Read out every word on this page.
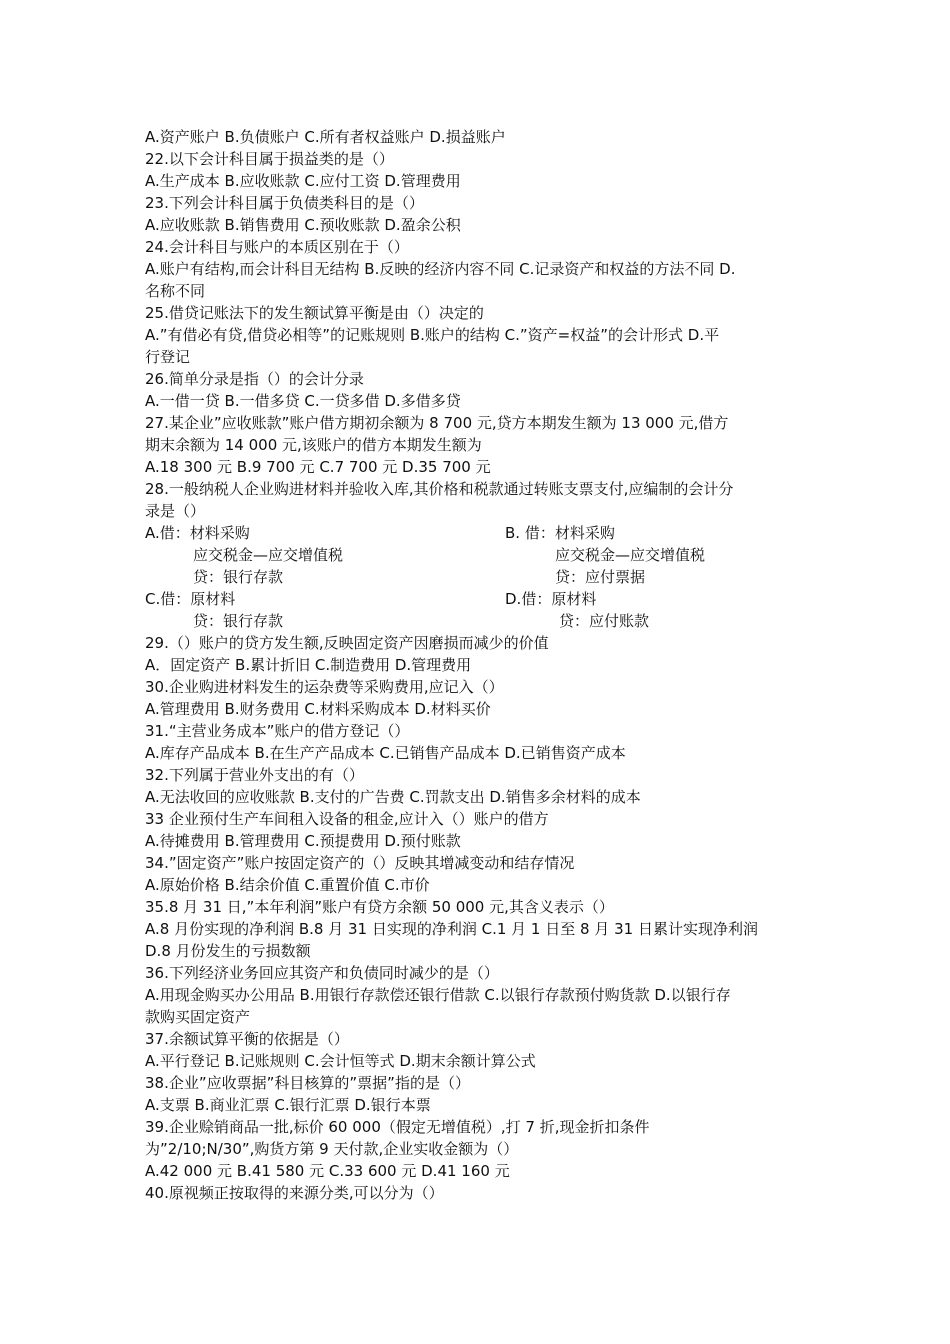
A.资产账户 B.负债账户 C.所有者权益账户 D.损益账户
22.以下会计科目属于损益类的是（）
A.生产成本 B.应收账款 C.应付工资 D.管理费用
23.下列会计科目属于负债类科目的是（）
A.应收账款 B.销售费用 C.预收账款 D.盈余公积
24.会计科目与账户的本质区别在于（）
A.账户有结构,而会计科目无结构 B.反映的经济内容不同 C.记录资产和权益的方法不同 D.
名称不同
25.借贷记账法下的发生额试算平衡是由（）决定的
A.”有借必有贷,借贷必相等”的记账规则 B.账户的结构 C.”资产=权益”的会计形式 D.平
行登记
26.简单分录是指（）的会计分录
A.一借一贷 B.一借多贷 C.一贷多借 D.多借多贷
27.某企业”应收账款”账户借方期初余额为 8 700 元,贷方本期发生额为 13 000 元,借方
期末余额为 14 000 元,该账户的借方本期发生额为
A.18 300 元 B.9 700 元 C.7 700 元 D.35 700 元
28.一般纳税人企业购进材料并验收入库,其价格和税款通过转账支票支付,应编制的会计分
录是（）
A.借：材料采购	B. 借：材料采购
应交税金—应交增值税	应交税金—应交增值税
贷：银行存款	贷：应付票据
C.借：原材料	D.借：原材料
贷：银行存款	贷：应付账款
29.（）账户的贷方发生额,反映固定资产因磨损而减少的价值
A．固定资产 B.累计折旧 C.制造费用 D.管理费用
30.企业购进材料发生的运杂费等采购费用,应记入（）
A.管理费用 B.财务费用 C.材料采购成本 D.材料买价
31.“主营业务成本”账户的借方登记（）
A.库存产品成本 B.在生产产品成本 C.已销售产品成本 D.已销售资产成本
32.下列属于营业外支出的有（）
A.无法收回的应收账款 B.支付的广告费 C.罚款支出 D.销售多余材料的成本
33 企业预付生产车间租入设备的租金,应计入（）账户的借方
A.待摊费用 B.管理费用 C.预提费用 D.预付账款
34.”固定资产”账户按固定资产的（）反映其增减变动和结存情况
A.原始价格 B.结余价值 C.重置价值 C.市价
35.8 月 31 日,”本年利润”账户有贷方余额 50 000 元,其含义表示（）
A.8 月份实现的净利润 B.8 月 31 日实现的净利润 C.1 月 1 日至 8 月 31 日累计实现净利润
D.8 月份发生的亏损数额
36.下列经济业务回应其资产和负债同时减少的是（）
A.用现金购买办公用品 B.用银行存款偿还银行借款 C.以银行存款预付购货款 D.以银行存
款购买固定资产
37.余额试算平衡的依据是（）
A.平行登记 B.记账规则 C.会计恒等式 D.期末余额计算公式
38.企业”应收票据”科目核算的”票据”指的是（）
A.支票 B.商业汇票 C.银行汇票 D.银行本票
39.企业赊销商品一批,标价 60 000（假定无增值税）,打 7 折,现金折扣条件
为”2/10;N/30”,购货方第 9 天付款,企业实收金额为（）
A.42 000 元 B.41 580 元 C.33 600 元 D.41 160 元
40.原视频正按取得的来源分类,可以分为（）
